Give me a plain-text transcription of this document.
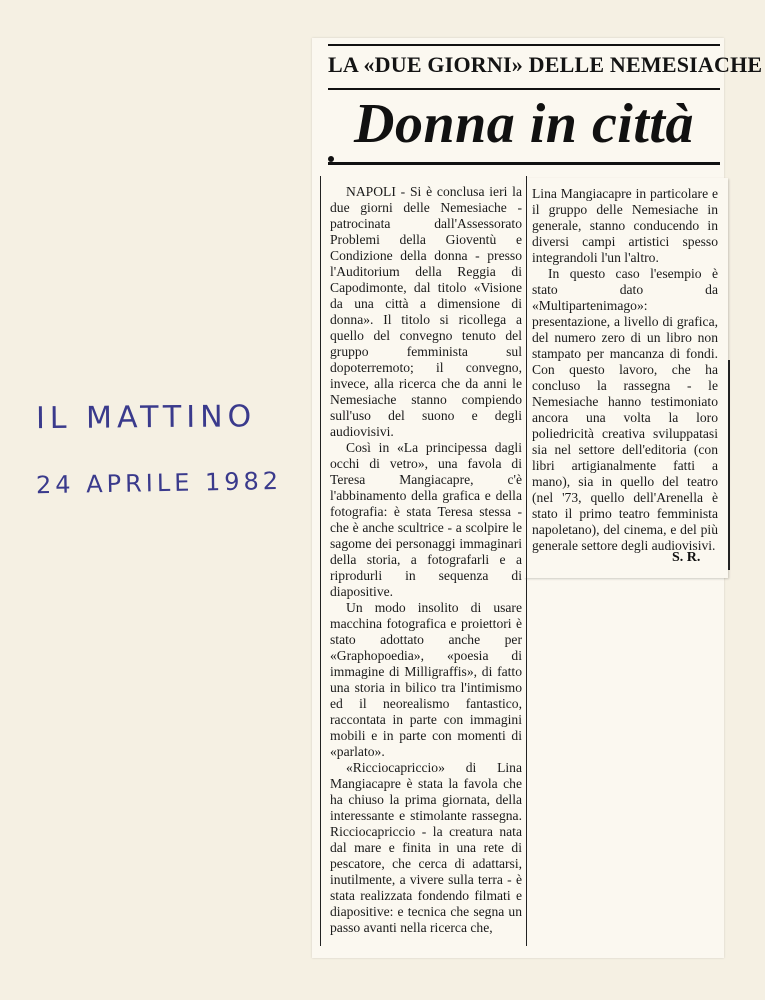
IL MATTINO
24 APRILE 1982
LA «DUE GIORNI» DELLE NEMESIACHE
Donna in città

NAPOLI - Si è conclusa ieri la due giorni delle Nemesiache - patrocinata dall'Assessorato Problemi della Gioventù e Condizione della donna - presso l'Auditorium della Reggia di Capodimonte, dal titolo «Visione da una città a dimensione di donna». Il titolo si ricollega a quello del convegno tenuto del gruppo femminista sul dopoterremoto; il convegno, invece, alla ricerca che da anni le Nemesiache stanno compiendo sull'uso del suono e degli audiovisivi.

Così in «La principessa dagli occhi di vetro», una favola di Teresa Mangiacapre, c'è l'abbinamento della grafica e della fotografia: è stata Teresa stessa - che è anche scultrice - a scolpire le sagome dei personaggi immaginari della storia, a fotografarli e a riprodurli in sequenza di diapositive.

Un modo insolito di usare macchina fotografica e proiettori è stato adottato anche per «Graphopoedia», «poesia di immagine di Milligraffis», di fatto una storia in bilico tra l'intimismo ed il neorealismo fantastico, raccontata in parte con immagini mobili e in parte con momenti di «parlato».

«Ricciocapriccio» di Lina Mangiacapre è stata la favola che ha chiuso la prima giornata, della interessante e stimolante rassegna. Ricciocapriccio - la creatura nata dal mare e finita in una rete di pescatore, che cerca di adattarsi, inutilmente, a vivere sulla terra - è stata realizzata fondendo filmati e diapositive: e tecnica che segna un passo avanti nella ricerca che,

Lina Mangiacapre in particolare e il gruppo delle Nemesiache in generale, stanno conducendo in diversi campi artistici spesso integrandoli l'un l'altro.

In questo caso l'esempio è stato dato da «Multipartenimago»: presentazione, a livello di grafica, del numero zero di un libro non stampato per mancanza di fondi. Con questo lavoro, che ha concluso la rassegna - le Nemesiache hanno testimoniato ancora una volta la loro poliedricità creativa sviluppatasi sia nel settore dell'editoria (con libri artigianalmente fatti a mano), sia in quello del teatro (nel '73, quello dell'Arenella è stato il primo teatro femminista napoletano), del cinema, e del più generale settore degli audiovisivi.

S. R.
